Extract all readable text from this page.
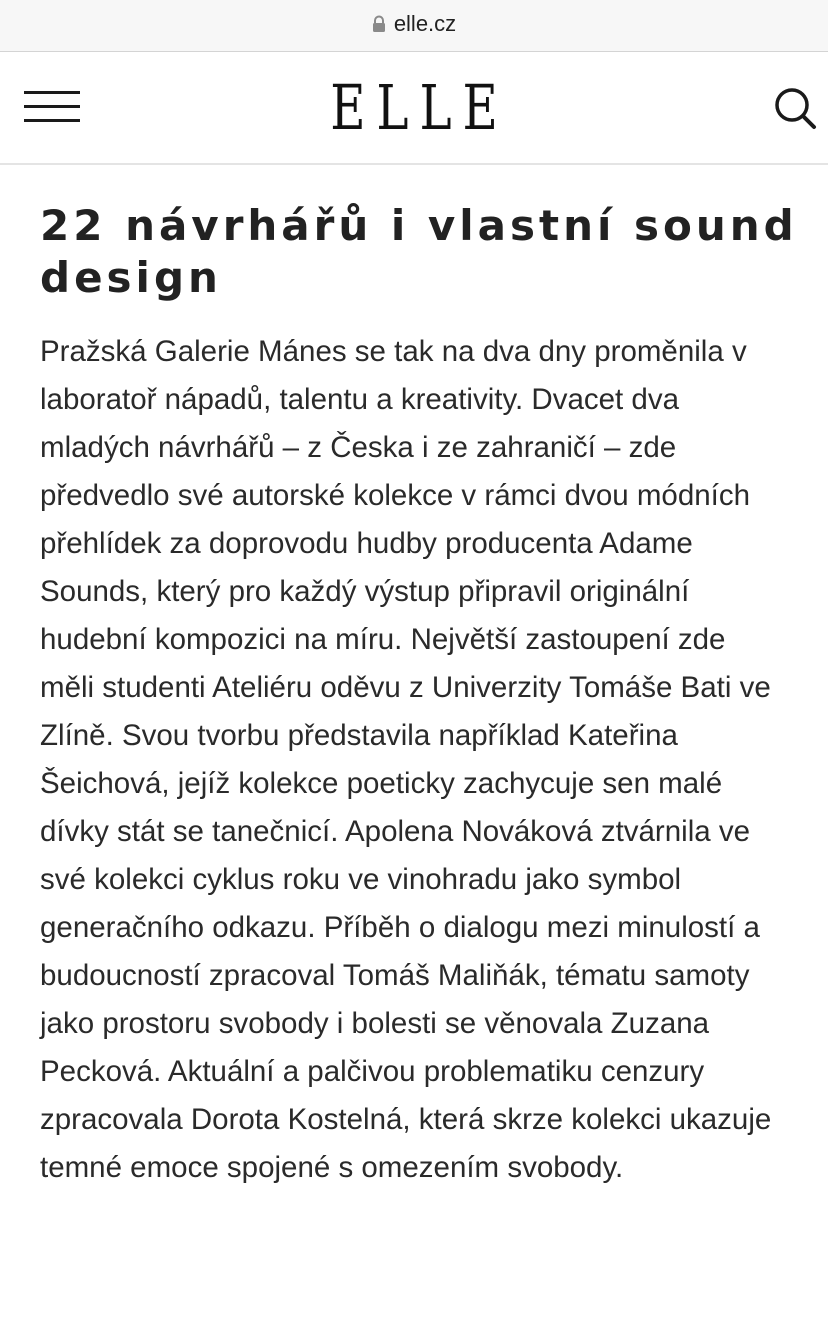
elle.cz
ELLE
22 návrhářů i vlastní sound design

Pražská Galerie Mánes se tak na dva dny proměnila v laboratoř nápadů, talentu a kreativity. Dvacet dva mladých návrhářů – z Česka i ze zahraničí – zde předvedlo své autorské kolekce v rámci dvou módních přehlídek za doprovodu hudby producenta Adame Sounds, který pro každý výstup připravil originální hudební kompozici na míru. Největší zastoupení zde měli studenti Ateliéru oděvu z Univerzity Tomáše Bati ve Zlíně. Svou tvorbu představila například Kateřina Šeichová, jejíž kolekce poeticky zachycuje sen malé dívky stát se tanečnicí. Apolena Nováková ztvárnila ve své kolekci cyklus roku ve vinohradu jako symbol generačního odkazu. Příběh o dialogu mezi minulostí a budoucností zpracoval Tomáš Maliňák, tématu samoty jako prostoru svobody i bolesti se věnovala Zuzana Pecková. Aktuální a palčivou problematiku cenzury zpracovala Dorota Kostelná, která skrze kolekci ukazuje temné emoce spojené s omezením svobody.
